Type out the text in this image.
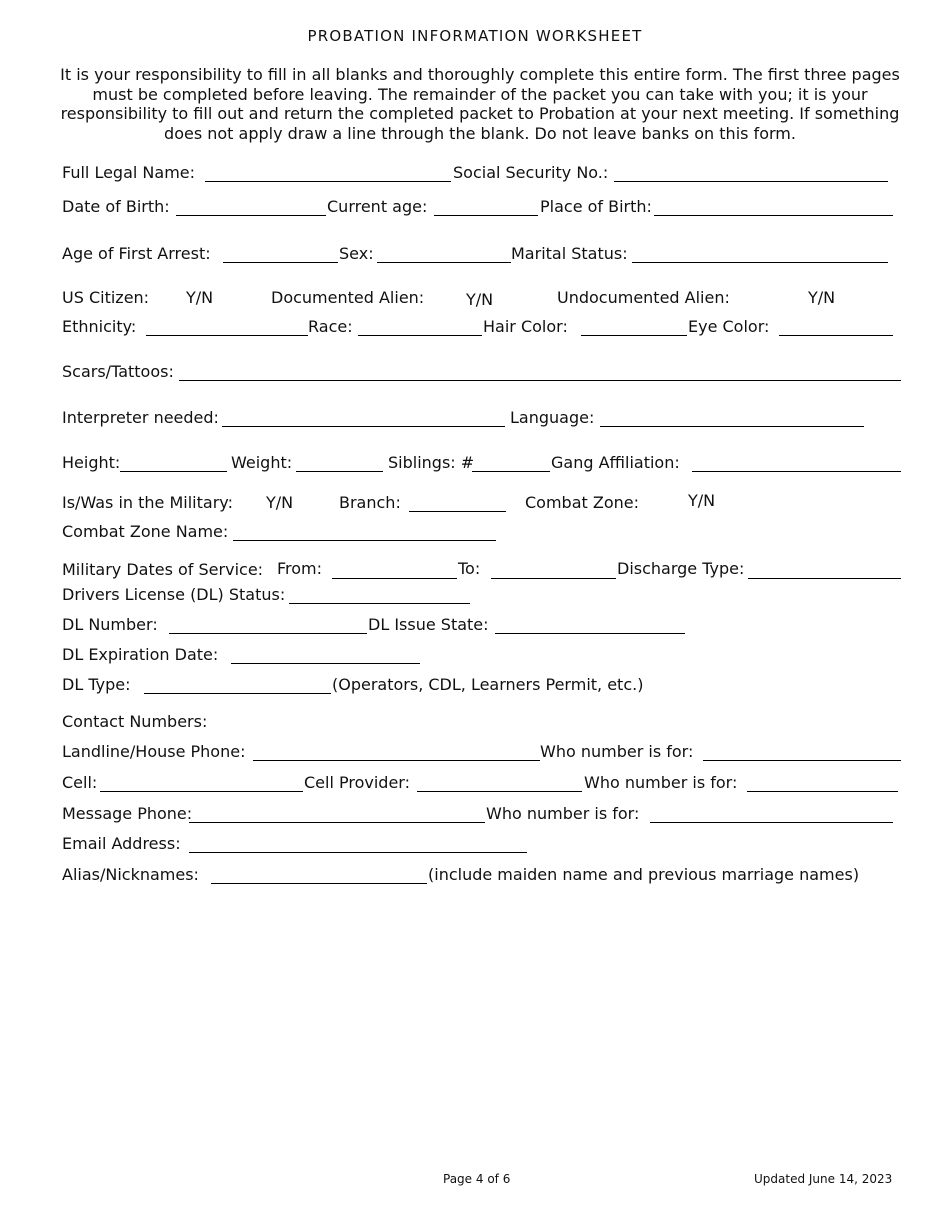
PROBATION INFORMATION WORKSHEET

It is your responsibility to fill in all blanks and thoroughly complete this entire form. The first three pages must be completed before leaving. The remainder of the packet you can take with you; it is your responsibility to fill out and return the completed packet to Probation at your next meeting. If something does not apply draw a line through the blank. Do not leave banks on this form.

Full Legal Name:	Social Security No.:
Date of Birth:	Current age:	Place of Birth:
Age of First Arrest:	Sex:	Marital Status:
US Citizen: Y/N	Documented Alien:	Y/N	Undocumented Alien:	Y/N
Ethnicity:	Race:	Hair Color:	Eye Color:
Scars/Tattoos:
Interpreter needed:	Language:
Height:	Weight:	Siblings: #	Gang Affiliation:
Is/Was in the Military: Y/N	Branch:	Combat Zone:	Y/N
Combat Zone Name:
Military Dates of Service: From:	To:	Discharge Type:
Drivers License (DL) Status:
DL Number:	DL Issue State:
DL Expiration Date:
DL Type:	(Operators, CDL, Learners Permit, etc.)
Contact Numbers:
Landline/House Phone:	Who number is for:
Cell:	Cell Provider:	Who number is for:
Message Phone:	Who number is for:
Email Address:
Alias/Nicknames:	(include maiden name and previous marriage names)
Page 4 of 6	Updated June 14, 2023
